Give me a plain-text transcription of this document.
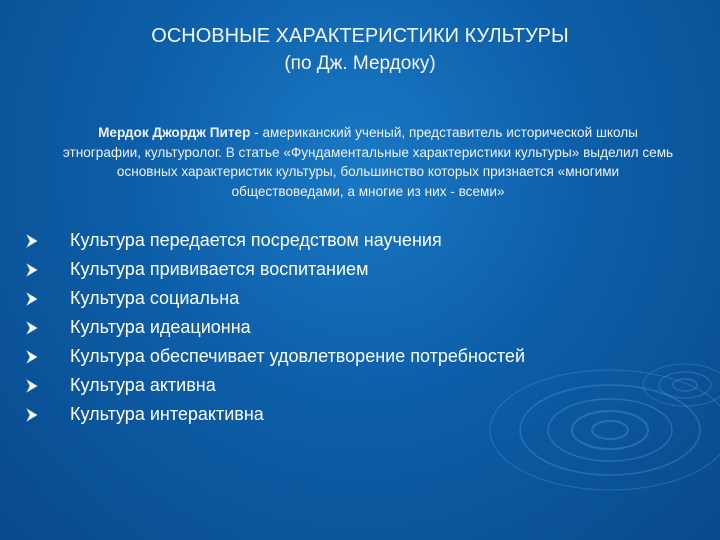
ОСНОВНЫЕ ХАРАКТЕРИСТИКИ КУЛЬТУРЫ
(по Дж. Мердоку)
Мердок Джордж Питер - американский ученый, представитель исторической школы этнографии, культуролог. В статье «Фундаментальные характеристики культуры» выделил семь основных характеристик культуры, большинство которых признается «многими обществоведами, а многие из них - всеми»
Культура передается посредством научения
Культура прививается воспитанием
Культура социальна
Культура идеационна
Культура обеспечивает удовлетворение потребностей
Культура активна
Культура интерактивна
